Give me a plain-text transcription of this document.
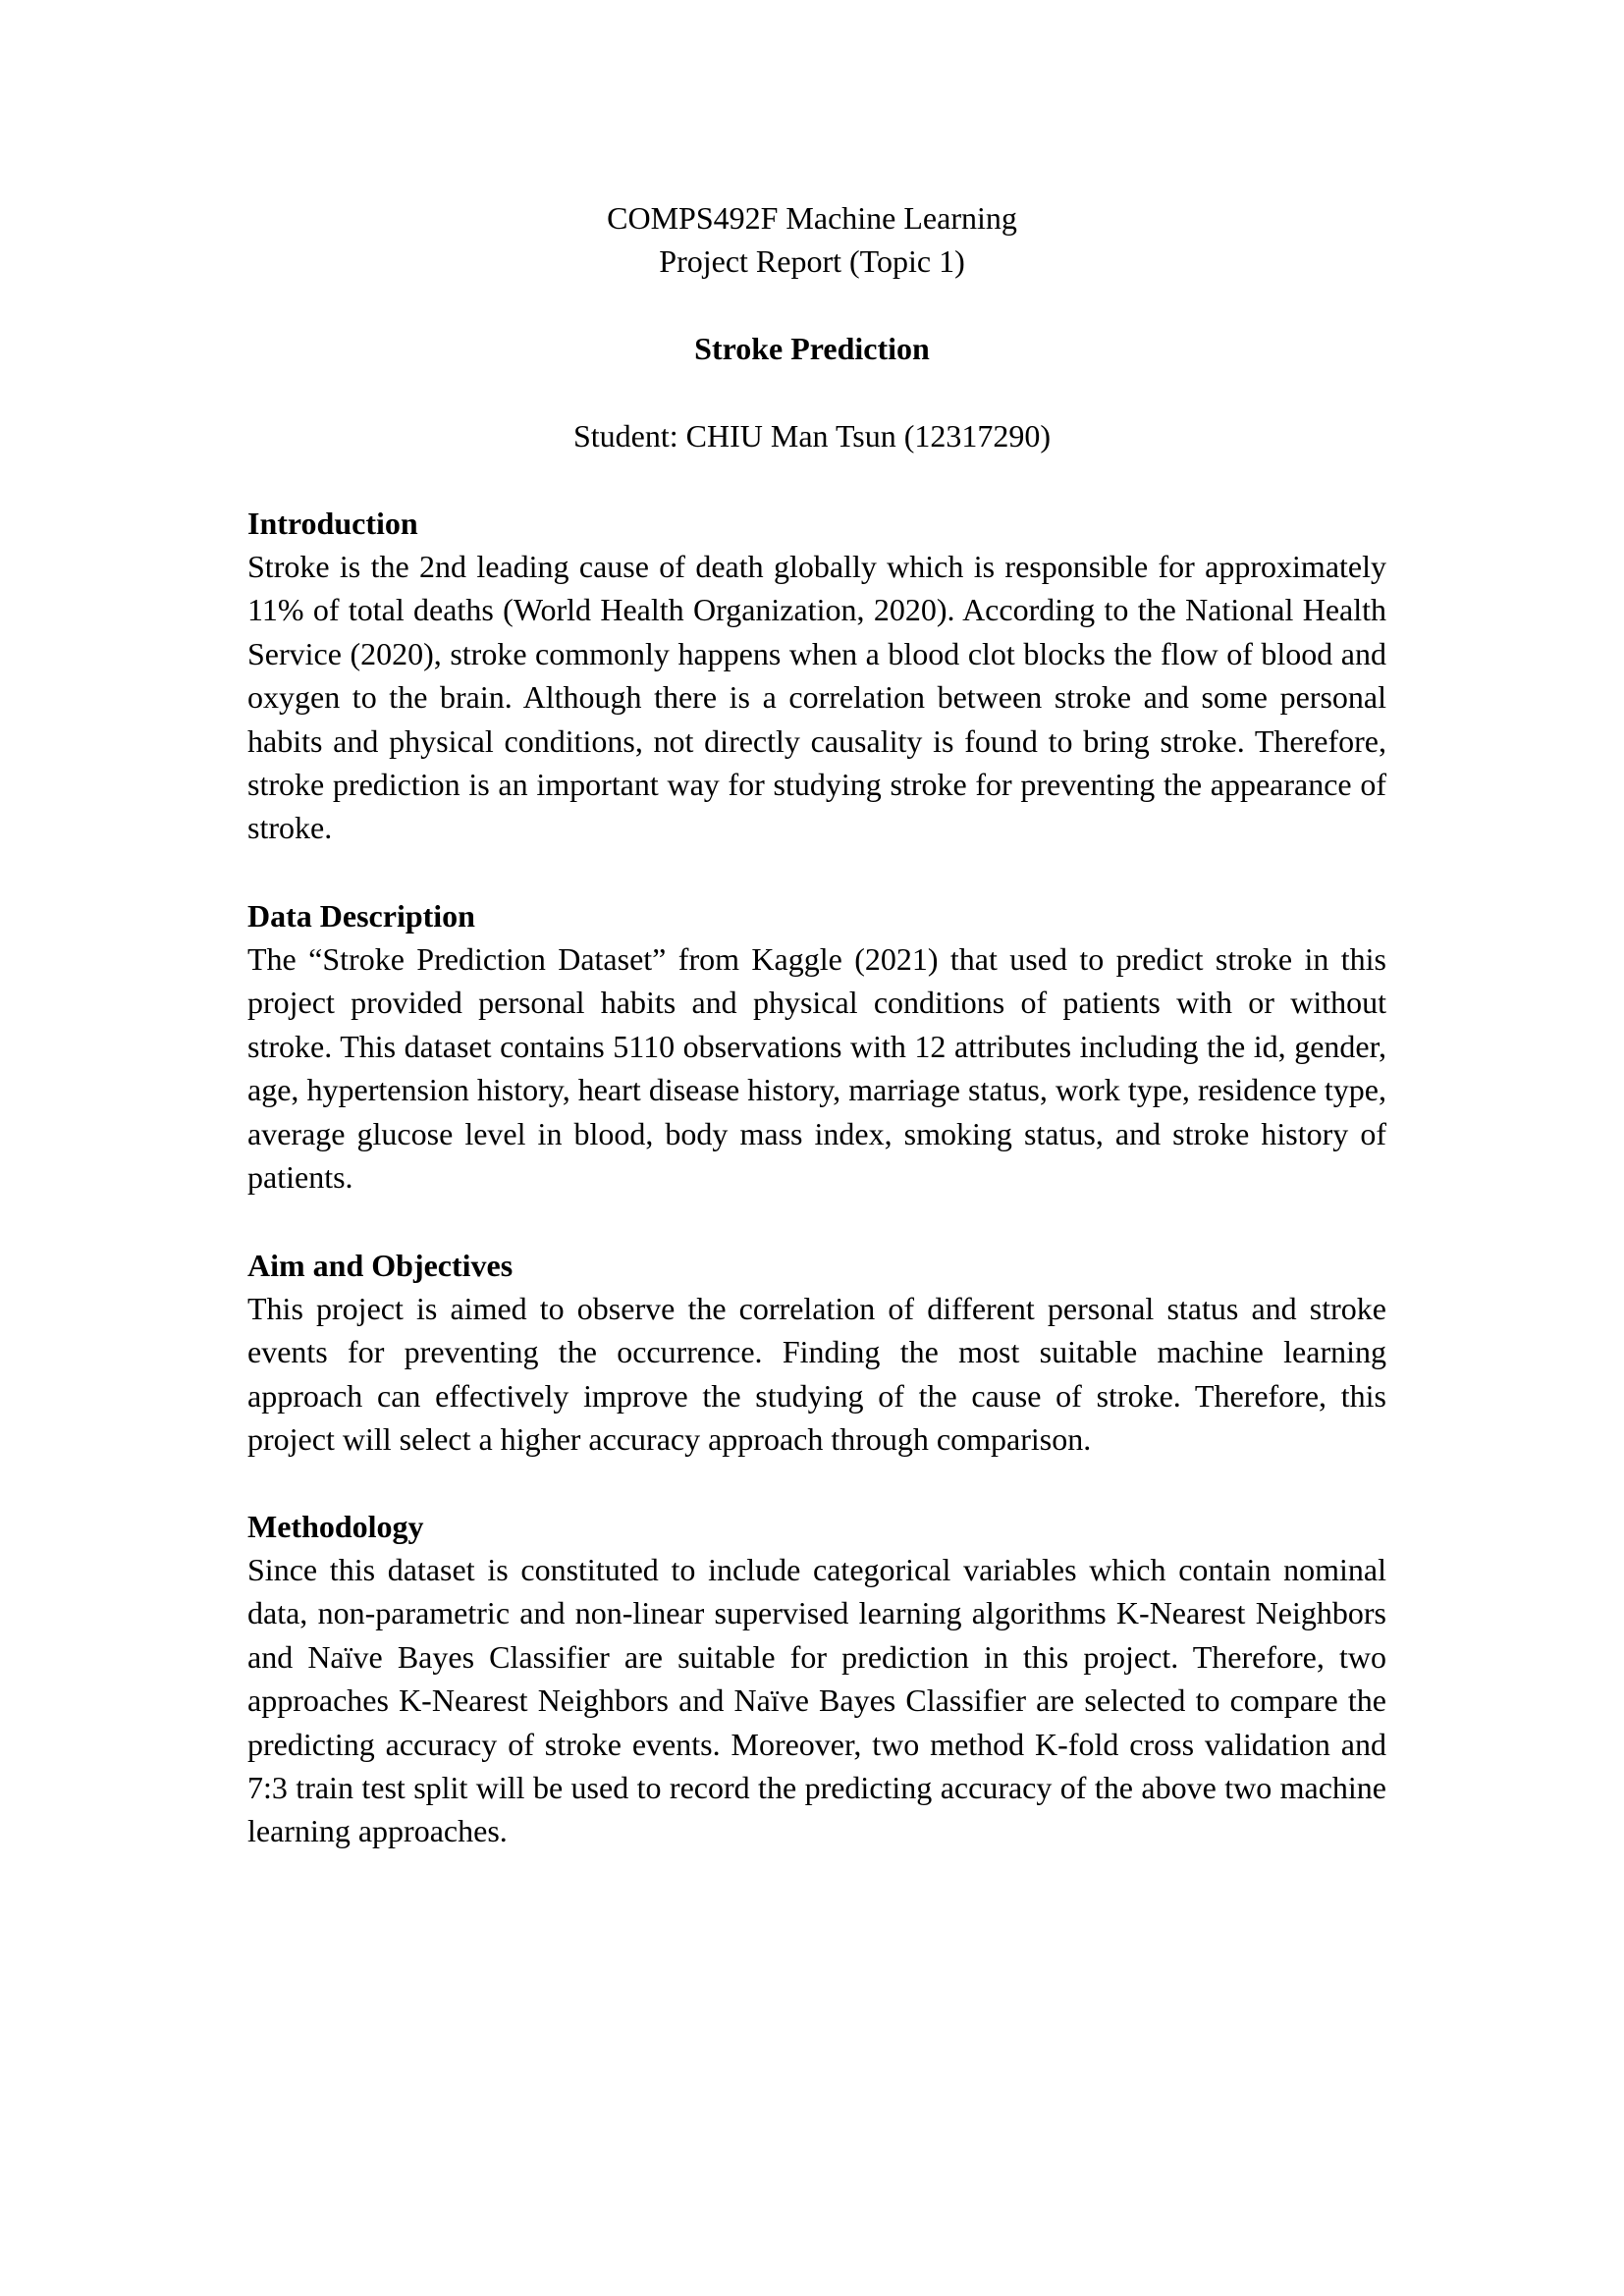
COMPS492F Machine Learning
Project Report (Topic 1)
Stroke Prediction
Student: CHIU Man Tsun (12317290)
Introduction

Stroke is the 2nd leading cause of death globally which is responsible for approximately 11% of total deaths (World Health Organization, 2020). According to the National Health Service (2020), stroke commonly happens when a blood clot blocks the flow of blood and oxygen to the brain. Although there is a correlation between stroke and some personal habits and physical conditions, not directly causality is found to bring stroke. Therefore, stroke prediction is an important way for studying stroke for preventing the appearance of stroke.

Data Description

The “Stroke Prediction Dataset” from Kaggle (2021) that used to predict stroke in this project provided personal habits and physical conditions of patients with or without stroke. This dataset contains 5110 observations with 12 attributes including the id, gender, age, hypertension history, heart disease history, marriage status, work type, residence type, average glucose level in blood, body mass index, smoking status, and stroke history of patients.

Aim and Objectives

This project is aimed to observe the correlation of different personal status and stroke events for preventing the occurrence. Finding the most suitable machine learning approach can effectively improve the studying of the cause of stroke. Therefore, this project will select a higher accuracy approach through comparison.

Methodology

Since this dataset is constituted to include categorical variables which contain nominal data, non-parametric and non-linear supervised learning algorithms K-Nearest Neighbors and Naïve Bayes Classifier are suitable for prediction in this project. Therefore, two approaches K-Nearest Neighbors and Naïve Bayes Classifier are selected to compare the predicting accuracy of stroke events. Moreover, two method K-fold cross validation and 7:3 train test split will be used to record the predicting accuracy of the above two machine learning approaches.
